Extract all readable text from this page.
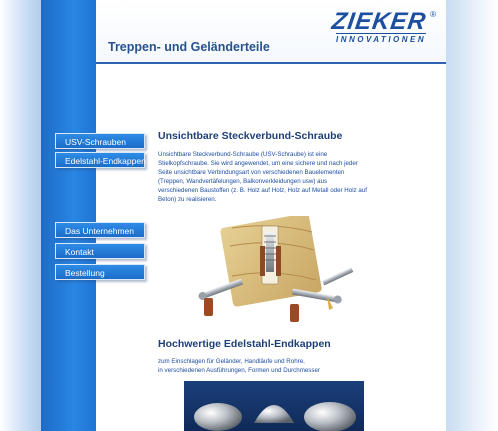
Treppen- und Geländerteile
ZIEKER ®
INNOVATIONEN
USV-Schrauben
Edelstahl-Endkappen
Das Unternehmen
Kontakt
Bestellung
Unsichtbare Steckverbund-Schraube
Unsichtbare Steckverbund-Schraube (USV-Schraube) ist eine Stielkopfschraube. Sie wird angewendet, um eine sichere und nach jeder Seite unsichtbare Verbindungsart von verschiedenen Bauelementen (Treppen, Wandvertäfelungen, Balkonverkleidungen usw) aus verschiedenen Baustoffen (z. B. Holz auf Holz, Holz auf Metall oder Holz auf Beton) zu realisieren.
Hochwertige Edelstahl-Endkappen
zum Einschlagen für Geländer, Handläufe und Rohre,
in verschiedenen Ausführungen, Formen und Durchmesser
